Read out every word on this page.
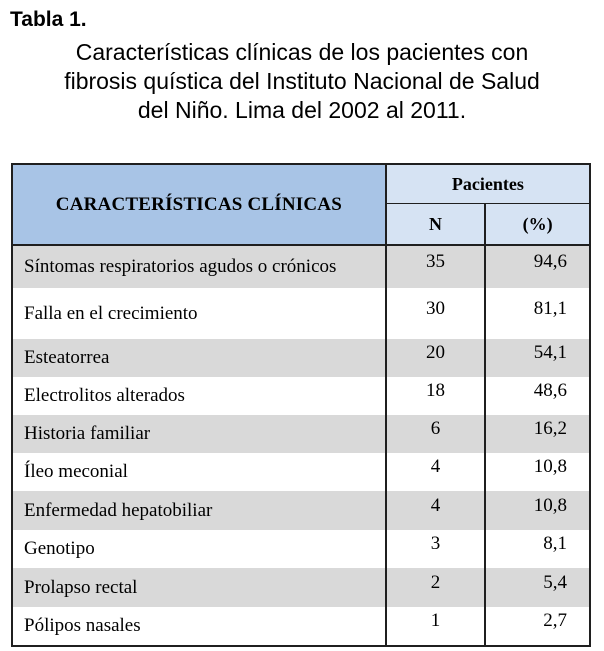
Tabla 1.
Características clínicas de los pacientes con
fibrosis quística del Instituto Nacional de Salud
del Niño. Lima del 2002 al 2011.
CARACTERÍSTICAS CLÍNICAS	Pacientes	
	N	(%)
Síntomas respiratorios agudos o crónicos	35	94,6
Falla en el crecimiento	30	81,1
Esteatorrea	20	54,1
Electrolitos alterados	18	48,6
Historia familiar	6	16,2
Íleo meconial	4	10,8
Enfermedad hepatobiliar	4	10,8
Genotipo	3	8,1
Prolapso rectal	2	5,4
Pólipos nasales	1	2,7
